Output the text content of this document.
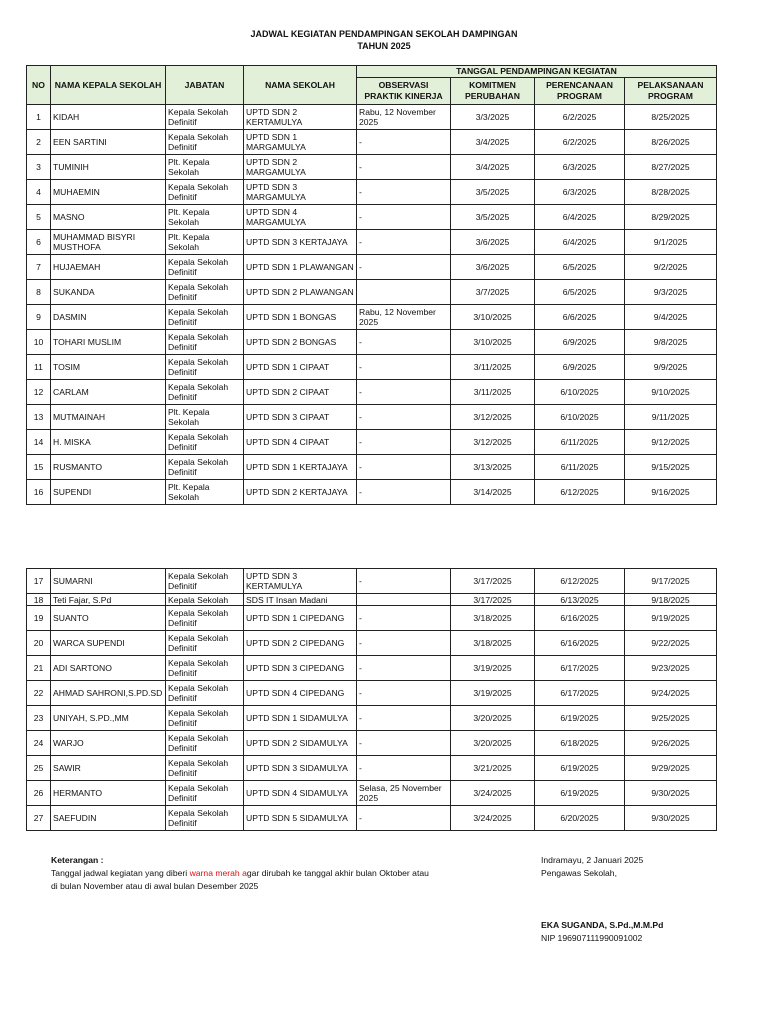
JADWAL KEGIATAN PENDAMPINGAN SEKOLAH DAMPINGAN
TAHUN 2025
NO	NAMA KEPALA SEKOLAH	JABATAN	NAMA SEKOLAH	TANGGAL PENDAMPINGAN KEGIATAN			
				OBSERVASI PRAKTIK KINERJA	KOMITMEN PERUBAHAN	PERENCANAAN PROGRAM	PELAKSANAAN PROGRAM
1	KIDAH	Kepala Sekolah Definitif	UPTD SDN 2 KERTAMULYA	Rabu, 12 November 2025	3/3/2025	6/2/2025	8/25/2025
2	EEN SARTINI	Kepala Sekolah Definitif	UPTD SDN 1 MARGAMULYA	-	3/4/2025	6/2/2025	8/26/2025
3	TUMINIH	Plt. Kepala Sekolah	UPTD SDN 2 MARGAMULYA	-	3/4/2025	6/3/2025	8/27/2025
4	MUHAEMIN	Kepala Sekolah Definitif	UPTD SDN 3 MARGAMULYA	-	3/5/2025	6/3/2025	8/28/2025
5	MASNO	Plt. Kepala Sekolah	UPTD SDN 4 MARGAMULYA	-	3/5/2025	6/4/2025	8/29/2025
6	MUHAMMAD BISYRI MUSTHOFA	Plt. Kepala Sekolah	UPTD SDN 3 KERTAJAYA	-	3/6/2025	6/4/2025	9/1/2025
7	HUJAEMAH	Kepala Sekolah Definitif	UPTD SDN 1 PLAWANGAN	-	3/6/2025	6/5/2025	9/2/2025
8	SUKANDA	Kepala Sekolah Definitif	UPTD SDN 2 PLAWANGAN		3/7/2025	6/5/2025	9/3/2025
9	DASMIN	Kepala Sekolah Definitif	UPTD SDN 1 BONGAS	Rabu, 12 November 2025	3/10/2025	6/6/2025	9/4/2025
10	TOHARI MUSLIM	Kepala Sekolah Definitif	UPTD SDN 2 BONGAS	-	3/10/2025	6/9/2025	9/8/2025
11	TOSIM	Kepala Sekolah Definitif	UPTD SDN 1 CIPAAT	-	3/11/2025	6/9/2025	9/9/2025
12	CARLAM	Kepala Sekolah Definitif	UPTD SDN 2 CIPAAT	-	3/11/2025	6/10/2025	9/10/2025
13	MUTMAINAH	Plt. Kepala Sekolah	UPTD SDN 3 CIPAAT	-	3/12/2025	6/10/2025	9/11/2025
14	H. MISKA	Kepala Sekolah Definitif	UPTD SDN 4 CIPAAT	-	3/12/2025	6/11/2025	9/12/2025
15	RUSMANTO	Kepala Sekolah Definitif	UPTD SDN 1 KERTAJAYA	-	3/13/2025	6/11/2025	9/15/2025
16	SUPENDI	Plt. Kepala Sekolah	UPTD SDN 2 KERTAJAYA	-	3/14/2025	6/12/2025	9/16/2025
17	SUMARNI	Kepala Sekolah Definitif	UPTD SDN 3 KERTAMULYA	-	3/17/2025	6/12/2025	9/17/2025
18	Teti Fajar, S.Pd	Kepala Sekolah	SDS IT Insan Madani		3/17/2025	6/13/2025	9/18/2025
19	SUANTO	Kepala Sekolah Definitif	UPTD SDN 1 CIPEDANG	-	3/18/2025	6/16/2025	9/19/2025
20	WARCA SUPENDI	Kepala Sekolah Definitif	UPTD SDN 2 CIPEDANG	-	3/18/2025	6/16/2025	9/22/2025
21	ADI SARTONO	Kepala Sekolah Definitif	UPTD SDN 3 CIPEDANG	-	3/19/2025	6/17/2025	9/23/2025
22	AHMAD SAHRONI,S.PD.SD	Kepala Sekolah Definitif	UPTD SDN 4 CIPEDANG	-	3/19/2025	6/17/2025	9/24/2025
23	UNIYAH, S.PD.,MM	Kepala Sekolah Definitif	UPTD SDN 1 SIDAMULYA	-	3/20/2025	6/19/2025	9/25/2025
24	WARJO	Kepala Sekolah Definitif	UPTD SDN 2 SIDAMULYA	-	3/20/2025	6/18/2025	9/26/2025
25	SAWIR	Kepala Sekolah Definitif	UPTD SDN 3 SIDAMULYA	-	3/21/2025	6/19/2025	9/29/2025
26	HERMANTO	Kepala Sekolah Definitif	UPTD SDN 4 SIDAMULYA	Selasa, 25 November 2025	3/24/2025	6/19/2025	9/30/2025
27	SAEFUDIN	Kepala Sekolah Definitif	UPTD SDN 5 SIDAMULYA	-	3/24/2025	6/20/2025	9/30/2025
Keterangan :
Tanggal jadwal kegiatan yang diberi warna merah agar dirubah ke tanggal akhir bulan Oktober atau
di bulan November atau di awal bulan Desember 2025
Indramayu, 2 Januari 2025
Pengawas Sekolah,
EKA SUGANDA, S.Pd.,M.M.Pd
NIP 196907111990091002
